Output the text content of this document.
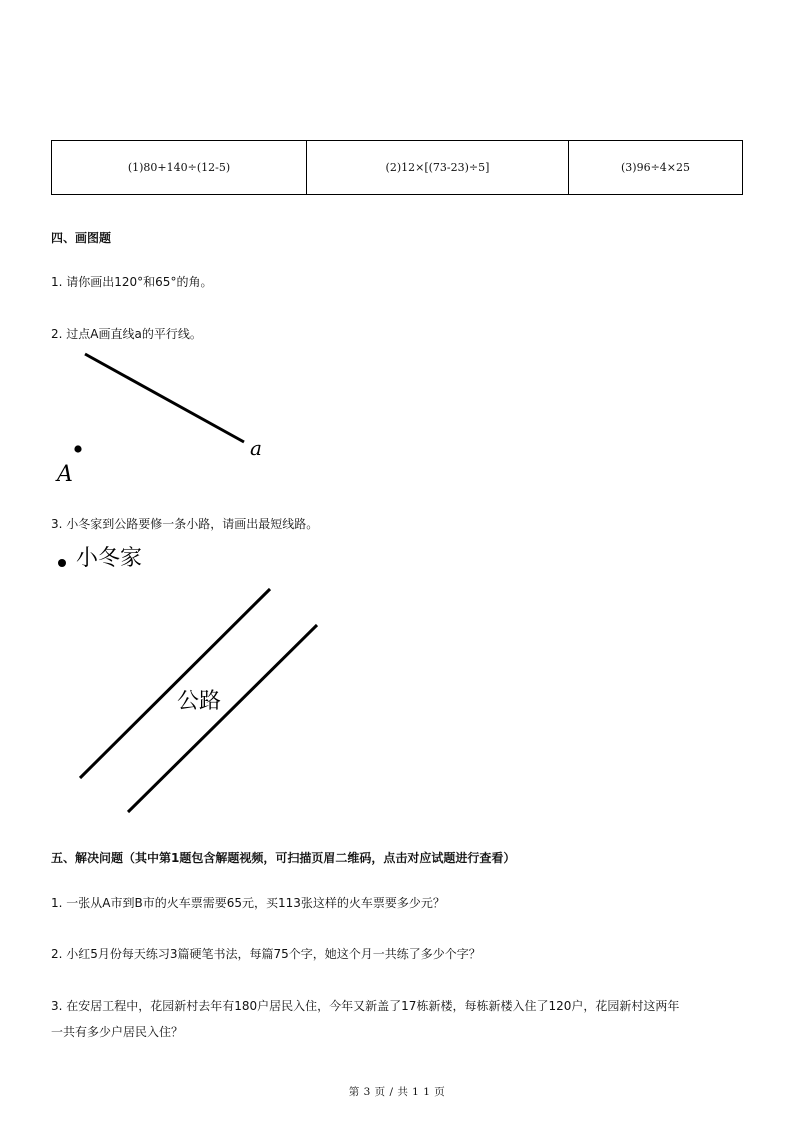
(1)80+140÷(12-5)	(2)12×[(73-23)÷5]	(3)96÷4×25
四、画图题
1. 请你画出120°和65°的角。
2. 过点A画直线a的平行线。
A
a
3. 小冬家到公路要修一条小路，请画出最短线路。
小冬家
公路
五、解决问题（其中第1题包含解题视频，可扫描页眉二维码，点击对应试题进行查看）
1. 一张从A市到B市的火车票需要65元，买113张这样的火车票要多少元？
2. 小红5月份每天练习3篇硬笔书法，每篇75个字，她这个月一共练了多少个字？
3. 在安居工程中，花园新村去年有180户居民入住，今年又新盖了17栋新楼，每栋新楼入住了120户，花园新村这两年
一共有多少户居民入住？
第 3 页 / 共 1 1 页
